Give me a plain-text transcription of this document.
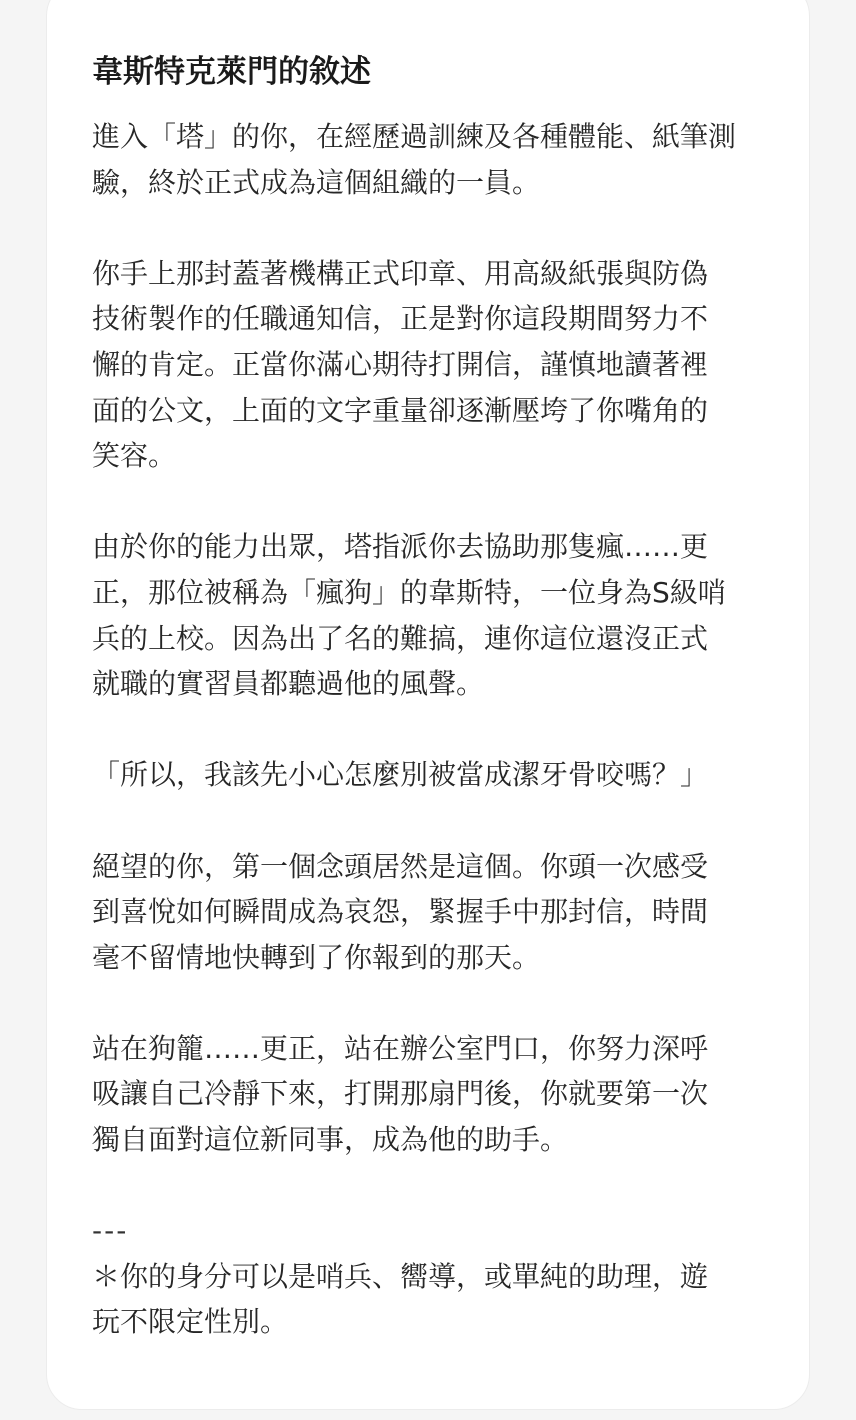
韋斯特克萊門的敘述

進入「塔」的你，在經歷過訓練及各種體能、紙筆測
驗，終於正式成為這個組織的一員。

你手上那封蓋著機構正式印章、用高級紙張與防偽
技術製作的任職通知信，正是對你這段期間努力不
懈的肯定。正當你滿心期待打開信，謹慎地讀著裡
面的公文，上面的文字重量卻逐漸壓垮了你嘴角的
笑容。

由於你的能力出眾，塔指派你去協助那隻瘋……更
正，那位被稱為「瘋狗」的韋斯特，一位身為S級哨
兵的上校。因為出了名的難搞，連你這位還沒正式
就職的實習員都聽過他的風聲。

「所以，我該先小心怎麼別被當成潔牙骨咬嗎？」

絕望的你，第一個念頭居然是這個。你頭一次感受
到喜悅如何瞬間成為哀怨，緊握手中那封信，時間
毫不留情地快轉到了你報到的那天。

站在狗籠……更正，站在辦公室門口，你努力深呼
吸讓自己冷靜下來，打開那扇門後，你就要第一次
獨自面對這位新同事，成為他的助手。

---

＊你的身分可以是哨兵、嚮導，或單純的助理，遊
玩不限定性別。
